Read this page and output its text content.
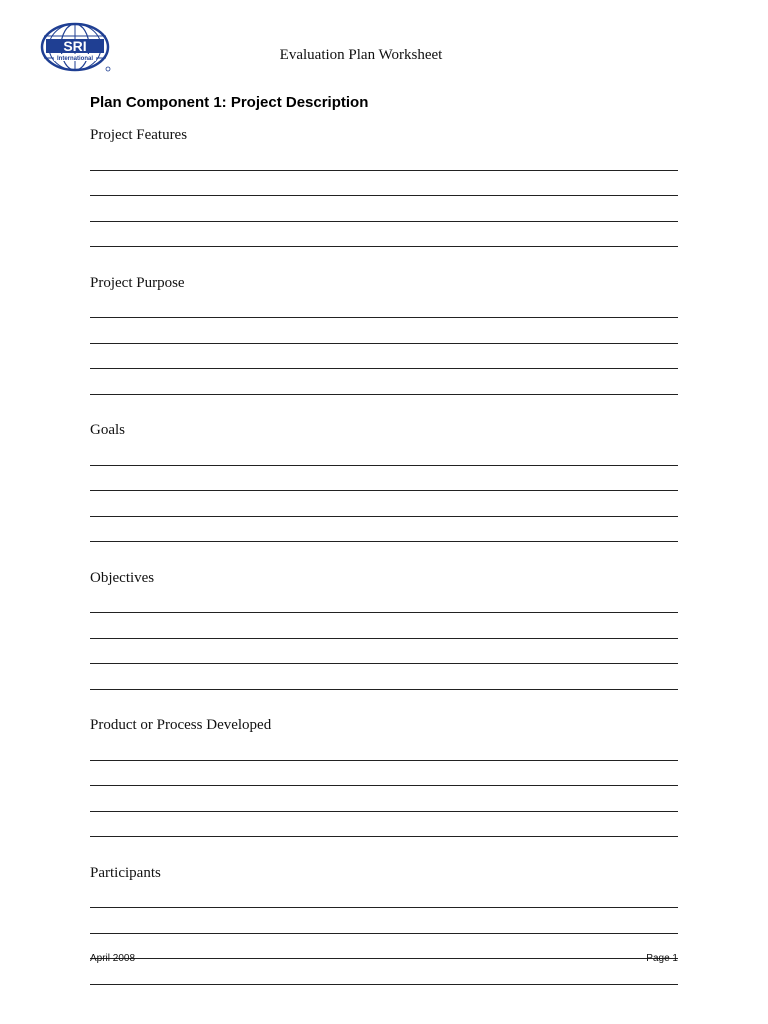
SRI
International	Evaluation Plan Worksheet
Plan Component 1: Project Description
Project Features
Project Purpose
Goals
Objectives
Product or Process Developed
Participants
April 2008	Page 1
